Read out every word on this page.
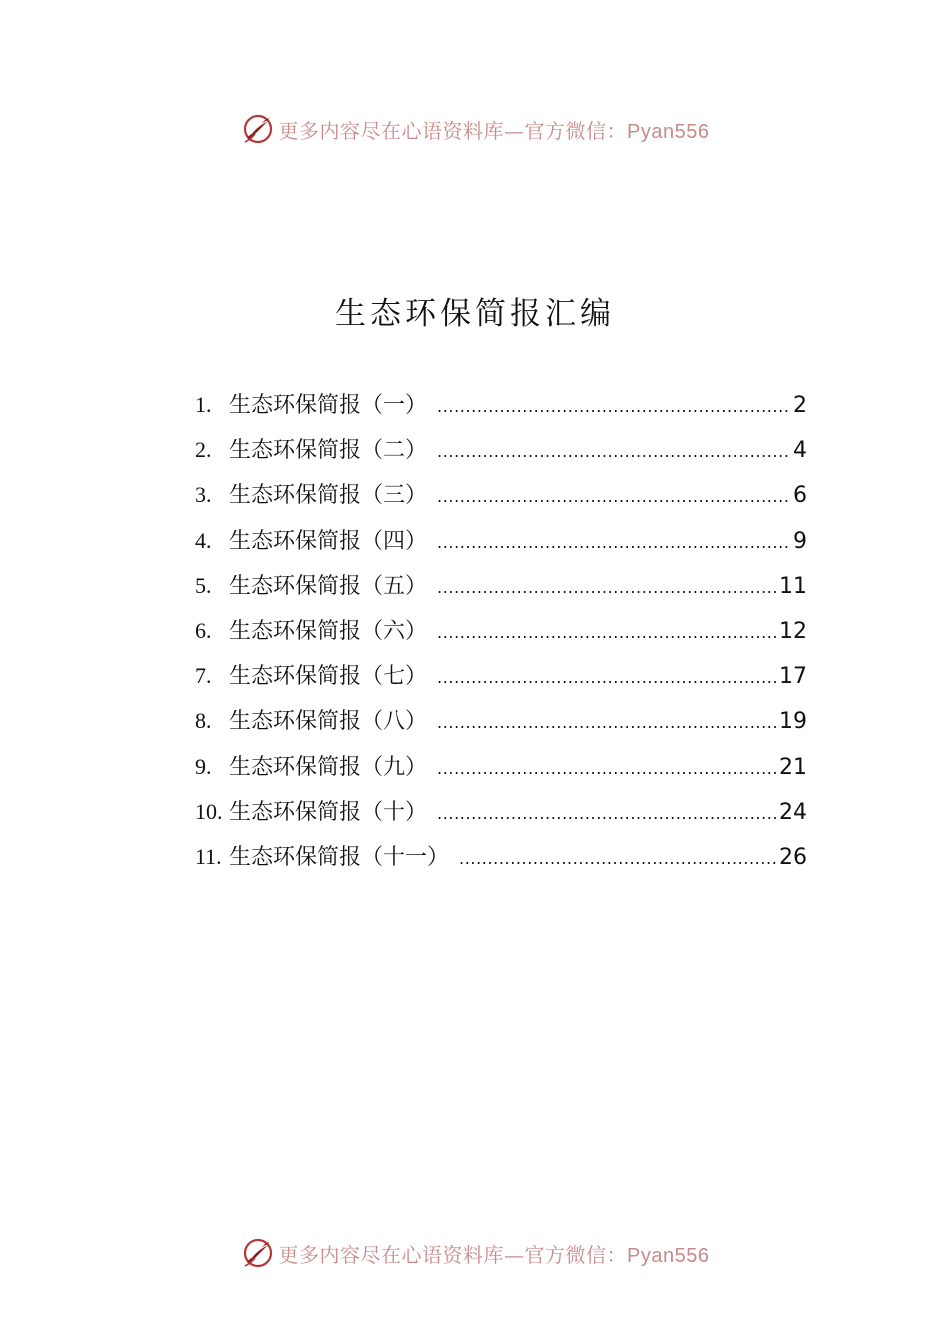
更多内容尽在心语资料库—官方微信：Pyan556
生态环保简报汇编
1. 生态环保简报（一） .....	2
2. 生态环保简报（二） .....	4
3. 生态环保简报（三） .....	6
4. 生态环保简报（四） .....	9
5. 生态环保简报（五） .....	11
6. 生态环保简报（六） .....	12
7. 生态环保简报（七） .....	17
8. 生态环保简报（八） .....	19
9. 生态环保简报（九） .....	21
10. 生态环保简报（十） .....	24
11. 生态环保简报（十一） .....	26
更多内容尽在心语资料库—官方微信：Pyan556
